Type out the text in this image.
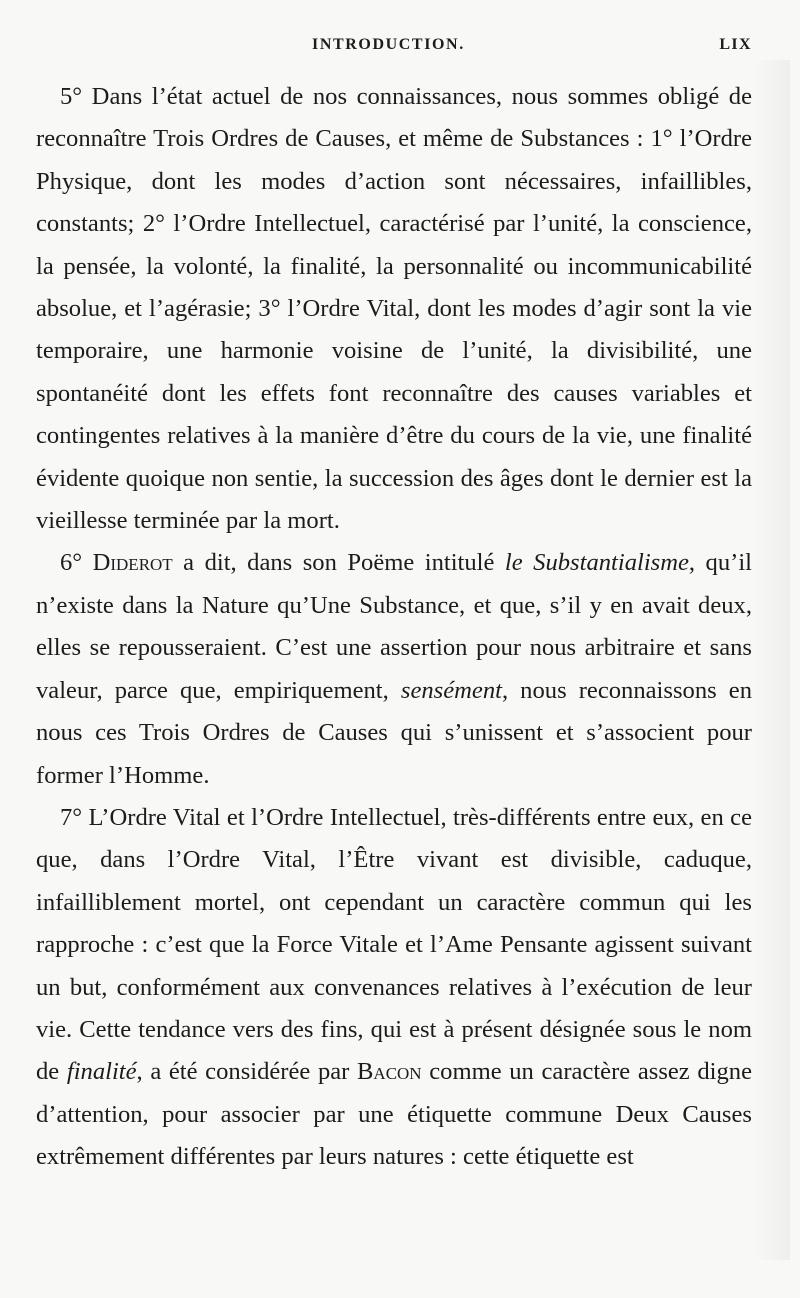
INTRODUCTION.	LIX

5° Dans l’état actuel de nos connaissances, nous sommes obligé de reconnaître Trois Ordres de Causes, et même de Substances : 1° l’Ordre Physique, dont les modes d’action sont nécessaires, infaillibles, constants; 2° l’Ordre Intellectuel, caractérisé par l’unité, la conscience, la pensée, la volonté, la finalité, la personnalité ou incommunicabilité absolue, et l’agérasie; 3° l’Ordre Vital, dont les modes d’agir sont la vie temporaire, une harmonie voisine de l’unité, la divisibilité, une spontanéité dont les effets font reconnaître des causes variables et contingentes relatives à la manière d’être du cours de la vie, une finalité évidente quoique non sentie, la succession des âges dont le dernier est la vieillesse terminée par la mort.

6° Diderot a dit, dans son Poëme intitulé le Substantialisme, qu’il n’existe dans la Nature qu’Une Substance, et que, s’il y en avait deux, elles se repousseraient. C’est une assertion pour nous arbitraire et sans valeur, parce que, empiriquement, sensément, nous reconnaissons en nous ces Trois Ordres de Causes qui s’unissent et s’associent pour former l’Homme.

7° L’Ordre Vital et l’Ordre Intellectuel, très-différents entre eux, en ce que, dans l’Ordre Vital, l’Être vivant est divisible, caduque, infailliblement mortel, ont cependant un caractère commun qui les rapproche : c’est que la Force Vitale et l’Ame Pensante agissent suivant un but, conformément aux convenances relatives à l’exécution de leur vie. Cette tendance vers des fins, qui est à présent désignée sous le nom de finalité, a été considérée par Bacon comme un caractère assez digne d’attention, pour associer par une étiquette commune Deux Causes extrêmement différentes par leurs natures : cette étiquette est
